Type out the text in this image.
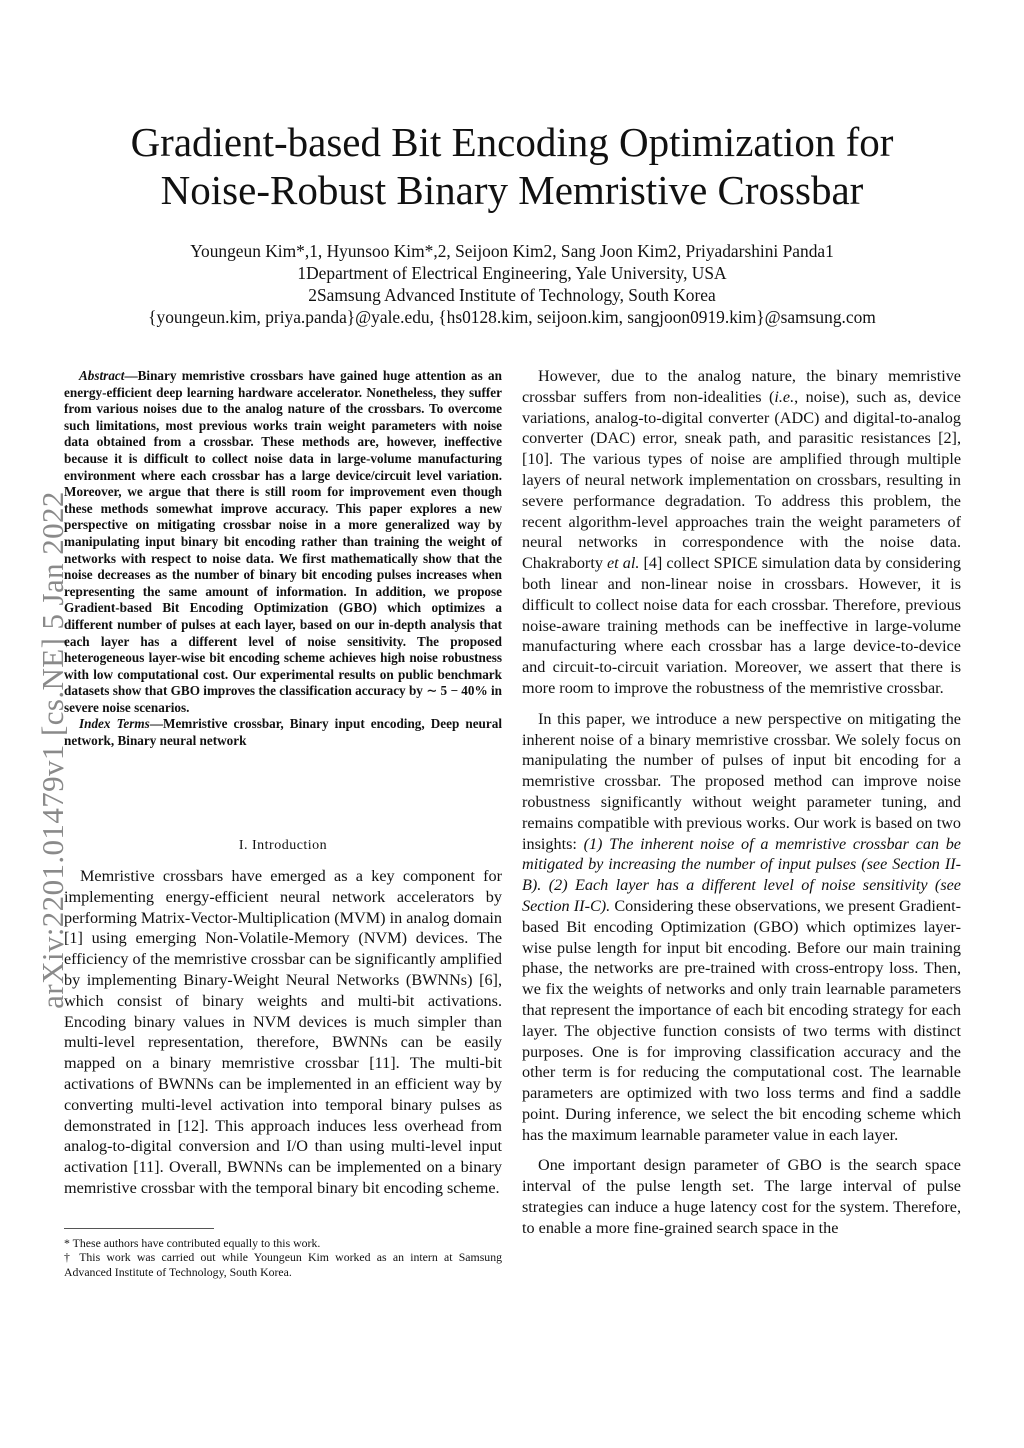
Gradient-based Bit Encoding Optimization for
Noise-Robust Binary Memristive Crossbar
Youngeun Kim*,1, Hyunsoo Kim*,2, Seijoon Kim2, Sang Joon Kim2, Priyadarshini Panda1
1Department of Electrical Engineering, Yale University, USA
2Samsung Advanced Institute of Technology, South Korea
{youngeun.kim, priya.panda}@yale.edu, {hs0128.kim, seijoon.kim, sangjoon0919.kim}@samsung.com
arXiv:2201.01479v1 [cs.NE] 5 Jan 2022

Abstract—Binary memristive crossbars have gained huge attention as an energy-efficient deep learning hardware accelerator. Nonetheless, they suffer from various noises due to the analog nature of the crossbars. To overcome such limitations, most previous works train weight parameters with noise data obtained from a crossbar. These methods are, however, ineffective because it is difficult to collect noise data in large-volume manufacturing environment where each crossbar has a large device/circuit level variation. Moreover, we argue that there is still room for improvement even though these methods somewhat improve accuracy. This paper explores a new perspective on mitigating crossbar noise in a more generalized way by manipulating input binary bit encoding rather than training the weight of networks with respect to noise data. We first mathematically show that the noise decreases as the number of binary bit encoding pulses increases when representing the same amount of information. In addition, we propose Gradient-based Bit Encoding Optimization (GBO) which optimizes a different number of pulses at each layer, based on our in-depth analysis that each layer has a different level of noise sensitivity. The proposed heterogeneous layer-wise bit encoding scheme achieves high noise robustness with low computational cost. Our experimental results on public benchmark datasets show that GBO improves the classification accuracy by ∼ 5 − 40% in severe noise scenarios.

Index Terms—Memristive crossbar, Binary input encoding, Deep neural network, Binary neural network

I. Introduction

Memristive crossbars have emerged as a key component for implementing energy-efficient neural network accelerators by performing Matrix-Vector-Multiplication (MVM) in analog domain [1] using emerging Non-Volatile-Memory (NVM) devices. The efficiency of the memristive crossbar can be significantly amplified by implementing Binary-Weight Neural Networks (BWNNs) [6], which consist of binary weights and multi-bit activations. Encoding binary values in NVM devices is much simpler than multi-level representation, therefore, BWNNs can be easily mapped on a binary memristive crossbar [11]. The multi-bit activations of BWNNs can be implemented in an efficient way by converting multi-level activation into temporal binary pulses as demonstrated in [12]. This approach induces less overhead from analog-to-digital conversion and I/O than using multi-level input activation [11]. Overall, BWNNs can be implemented on a binary memristive crossbar with the temporal binary bit encoding scheme.

* These authors have contributed equally to this work.
† This work was carried out while Youngeun Kim worked as an intern at Samsung Advanced Institute of Technology, South Korea.

However, due to the analog nature, the binary memristive crossbar suffers from non-idealities (i.e., noise), such as, device variations, analog-to-digital converter (ADC) and digital-to-analog converter (DAC) error, sneak path, and parasitic resistances [2], [10]. The various types of noise are amplified through multiple layers of neural network implementation on crossbars, resulting in severe performance degradation. To address this problem, the recent algorithm-level approaches train the weight parameters of neural networks in correspondence with the noise data. Chakraborty et al. [4] collect SPICE simulation data by considering both linear and non-linear noise in crossbars. However, it is difficult to collect noise data for each crossbar. Therefore, previous noise-aware training methods can be ineffective in large-volume manufacturing where each crossbar has a large device-to-device and circuit-to-circuit variation. Moreover, we assert that there is more room to improve the robustness of the memristive crossbar.

In this paper, we introduce a new perspective on mitigating the inherent noise of a binary memristive crossbar. We solely focus on manipulating the number of pulses of input bit encoding for a memristive crossbar. The proposed method can improve noise robustness significantly without weight parameter tuning, and remains compatible with previous works. Our work is based on two insights: (1) The inherent noise of a memristive crossbar can be mitigated by increasing the number of input pulses (see Section II-B). (2) Each layer has a different level of noise sensitivity (see Section II-C). Considering these observations, we present Gradient-based Bit encoding Optimization (GBO) which optimizes layer-wise pulse length for input bit encoding. Before our main training phase, the networks are pre-trained with cross-entropy loss. Then, we fix the weights of networks and only train learnable parameters that represent the importance of each bit encoding strategy for each layer. The objective function consists of two terms with distinct purposes. One is for improving classification accuracy and the other term is for reducing the computational cost. The learnable parameters are optimized with two loss terms and find a saddle point. During inference, we select the bit encoding scheme which has the maximum learnable parameter value in each layer.

One important design parameter of GBO is the search space interval of the pulse length set. The large interval of pulse strategies can induce a huge latency cost for the system. Therefore, to enable a more fine-grained search space in the
